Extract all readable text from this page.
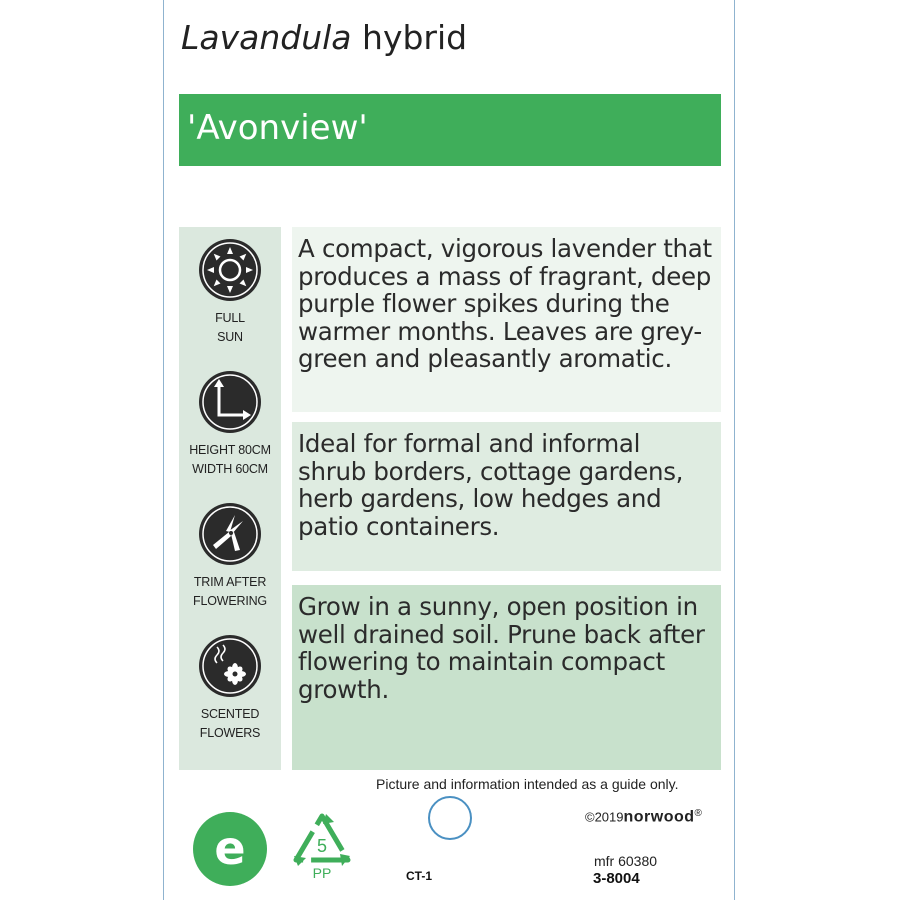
Lavandula hybrid
'Avonview'
FULL
SUN
HEIGHT 80CM
WIDTH 60CM
TRIM AFTER
FLOWERING
SCENTED
FLOWERS

A compact, vigorous lavender that produces a mass of fragrant, deep purple flower spikes during the warmer months. Leaves are grey-green and pleasantly aromatic.

Ideal for formal and informal shrub borders, cottage gardens, herb gardens, low hedges and patio containers.

Grow in a sunny, open position in well drained soil. Prune back after flowering to maintain compact growth.

Picture and information intended as a guide only.
©2019norwood®
e	5
PP	CT-1
mfr 60380
3-8004
